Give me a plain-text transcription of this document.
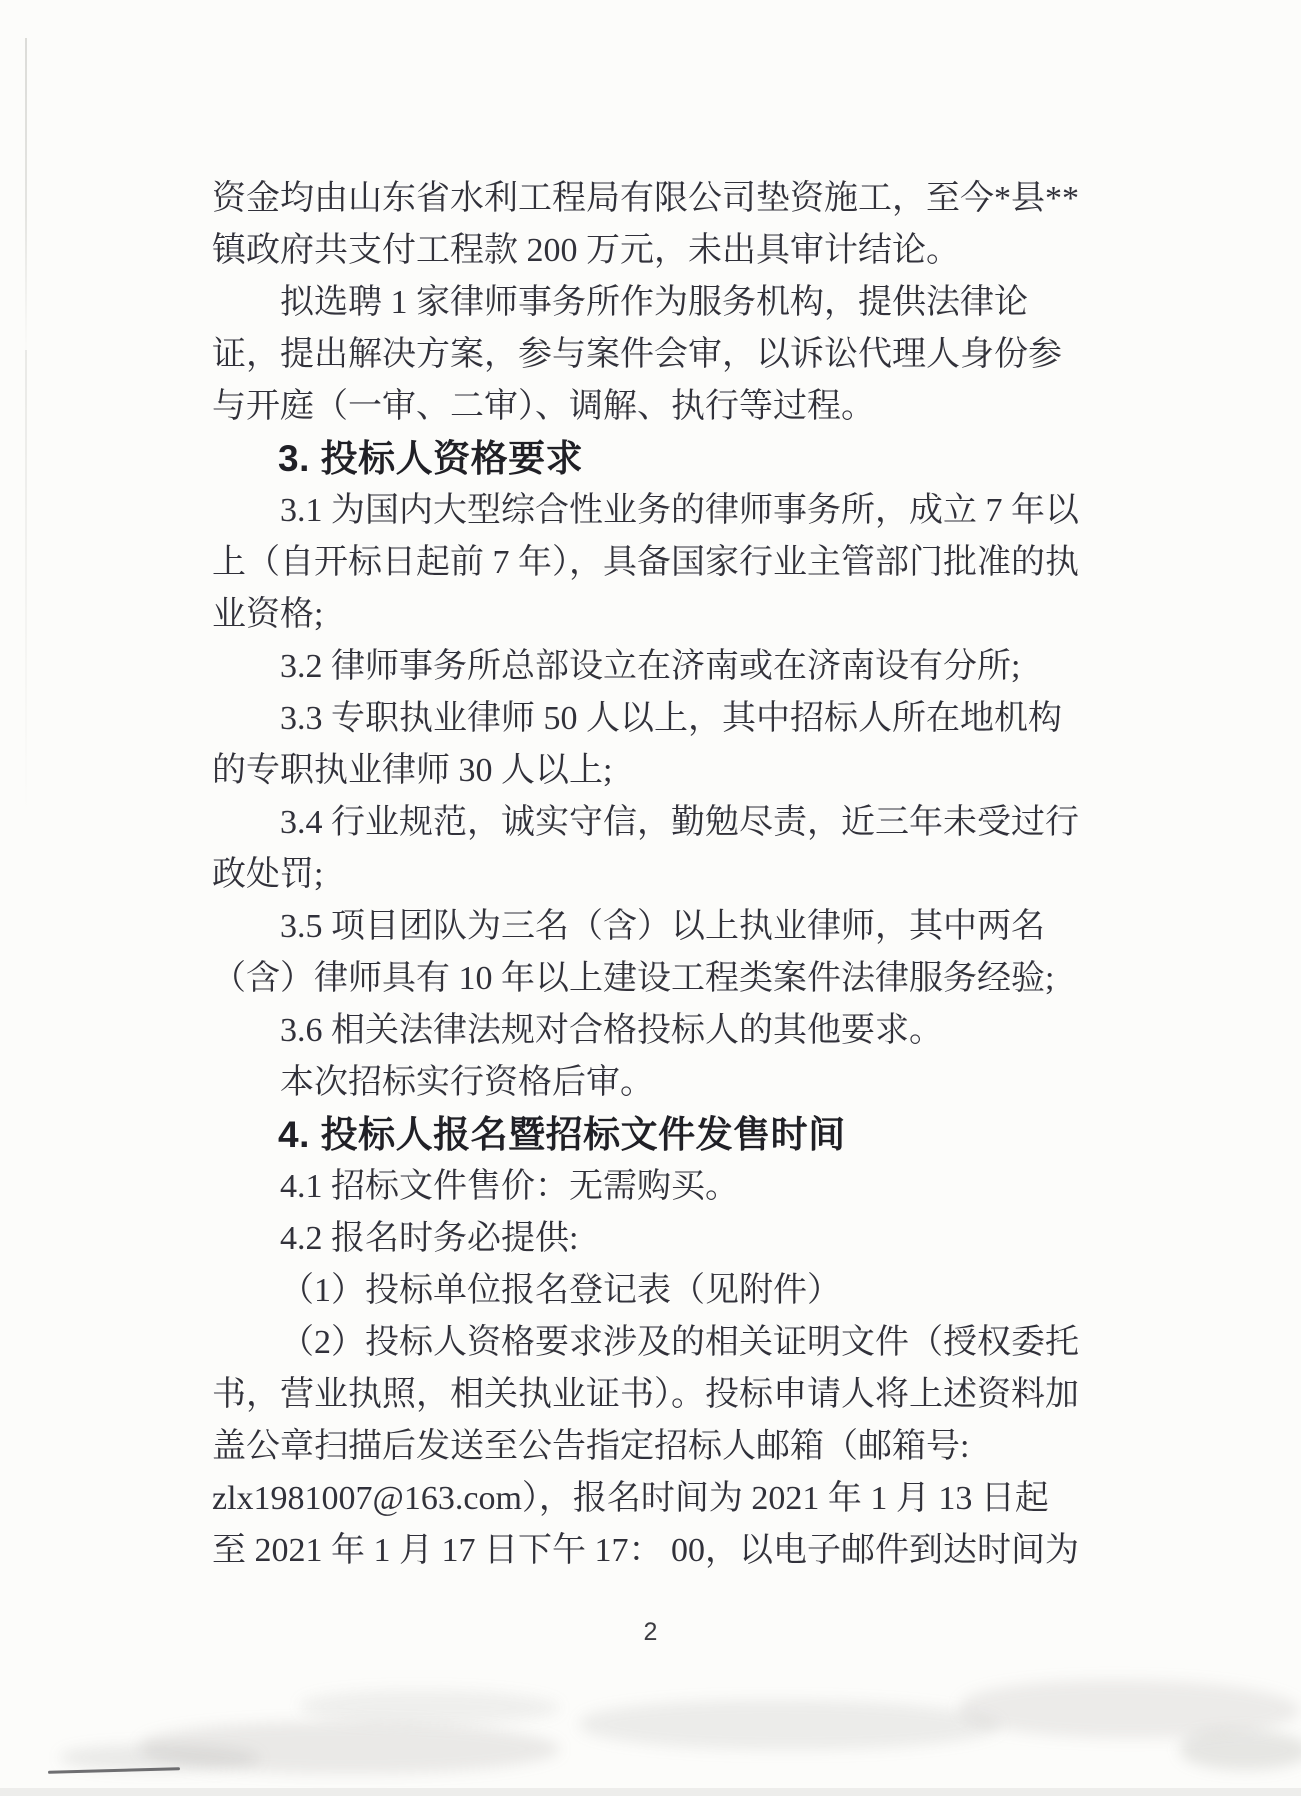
资金均由山东省水利工程局有限公司垫资施工，至今*县**
镇政府共支付工程款 200 万元，未出具审计结论。
拟选聘 1 家律师事务所作为服务机构，提供法律论
证，提出解决方案，参与案件会审，以诉讼代理人身份参
与开庭（一审、二审）、调解、执行等过程。
3. 投标人资格要求
3.1 为国内大型综合性业务的律师事务所，成立 7 年以
上（自开标日起前 7 年），具备国家行业主管部门批准的执
业资格;
3.2 律师事务所总部设立在济南或在济南设有分所;
3.3 专职执业律师 50 人以上，其中招标人所在地机构
的专职执业律师 30 人以上;
3.4 行业规范，诚实守信，勤勉尽责，近三年未受过行
政处罚;
3.5 项目团队为三名（含）以上执业律师，其中两名
（含）律师具有 10 年以上建设工程类案件法律服务经验;
3.6 相关法律法规对合格投标人的其他要求。
本次招标实行资格后审。
4. 投标人报名暨招标文件发售时间
4.1 招标文件售价：无需购买。
4.2 报名时务必提供:
（1）投标单位报名登记表（见附件）
（2）投标人资格要求涉及的相关证明文件（授权委托
书，营业执照，相关执业证书）。投标申请人将上述资料加
盖公章扫描后发送至公告指定招标人邮箱（邮箱号:
zlx1981007@163.com），报名时间为 2021 年 1 月 13 日起
至 2021 年 1 月 17 日下午 17： 00，以电子邮件到达时间为
2
